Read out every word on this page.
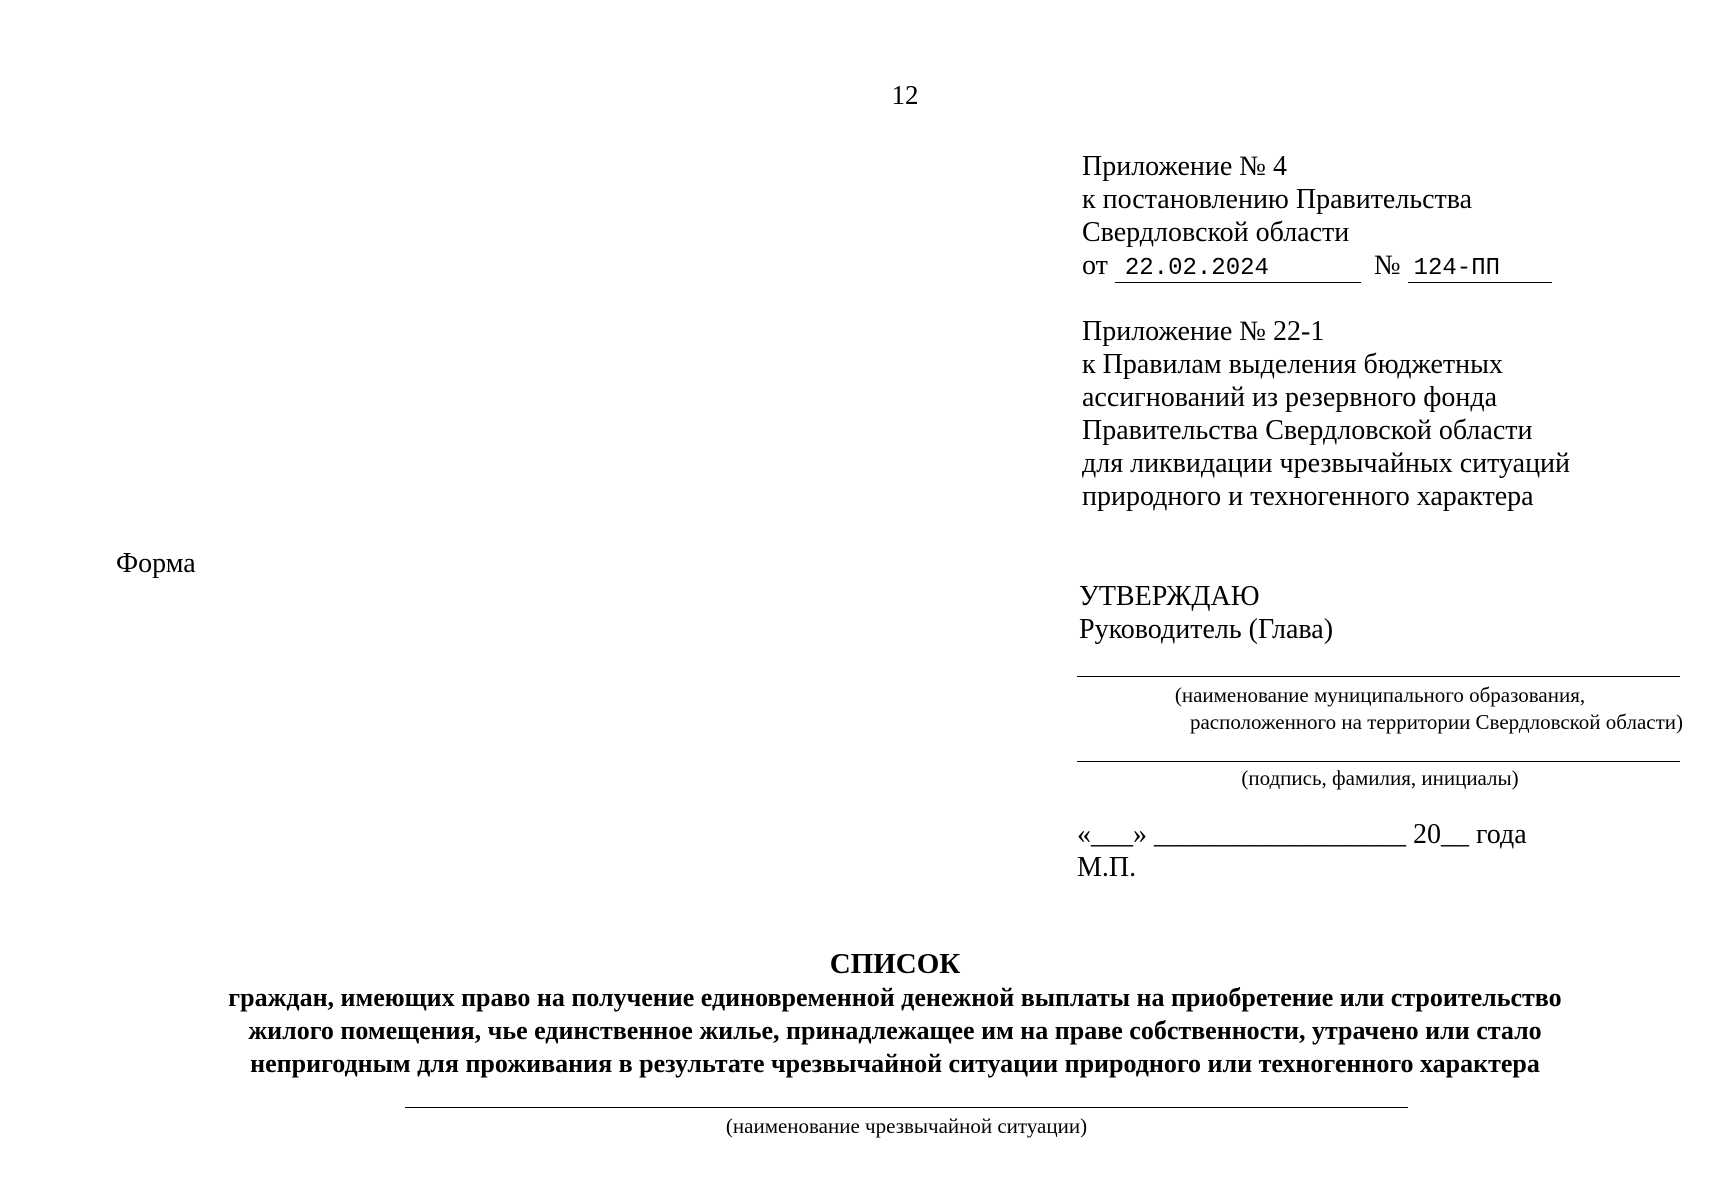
12
Приложение № 4
к постановлению Правительства
Свердловской области
от 22.02.2024	№ 124-ПП
Приложение № 22-1
к Правилам выделения бюджетных
ассигнований из резервного фонда
Правительства Свердловской области
для ликвидации чрезвычайных ситуаций
природного и техногенного характера
Форма
УТВЕРЖДАЮ
Руководитель (Глава)
(наименование муниципального образования,
расположенного на территории Свердловской области)
(подпись, фамилия, инициалы)
«___» __________________ 20__ года
М.П.
СПИСОК
граждан, имеющих право на получение единовременной денежной выплаты на приобретение или строительство
жилого помещения, чье единственное жилье, принадлежащее им на праве собственности, утрачено или стало
непригодным для проживания в результате чрезвычайной ситуации природного или техногенного характера
(наименование чрезвычайной ситуации)
